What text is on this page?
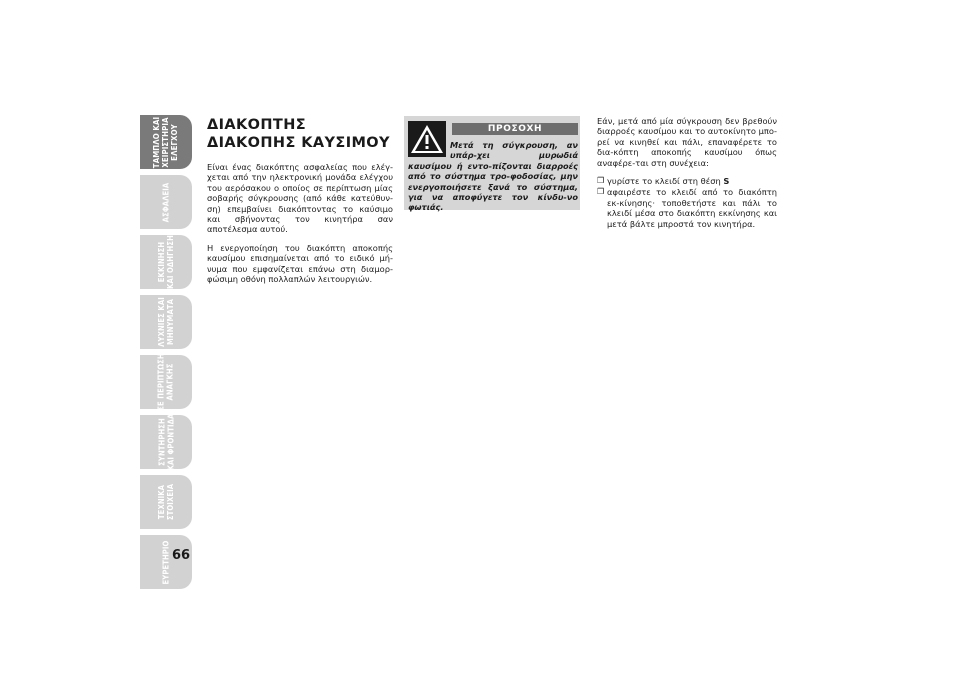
ΤΑΜΠΛΟ ΚΑΙ
ΧΕΙΡΙΣΤΗΡΙΑ
ΕΛΕΓΧΟΥ
ΑΣΦΑΛΕΙΑ
ΕΚΚΙΝΗΣΗ
ΚΑΙ ΟΔΗΓΗΣΗ
ΛΥΧΝΙΕΣ ΚΑΙ
ΜΗΝΥΜΑΤΑ
ΣΕ ΠΕΡΙΠΤΩΣΗ
ΑΝΑΓΚΗΣ
ΣΥΝΤΗΡΗΣΗ
ΚΑΙ ΦΡΟΝΤΙΔΑ
ΤΕΧΝΙΚΑ
ΣΤΟΙΧΕΙΑ
ΕΥΡΕΤΗΡΙΟ 66
ΔΙΑΚΟΠΤΗΣ ΔΙΑΚΟΠΗΣ ΚΑΥΣΙΜΟΥ

Είναι ένας διακόπτης ασφαλείας που ελέγ-χεται από την ηλεκτρονική μονάδα ελέγχου του αερόσακου ο οποίος σε περίπτωση μίας σοβαρής σύγκρουσης (από κάθε κατεύθυν-ση) επεμβαίνει διακόπτοντας το καύσιμο και σβήνοντας τον κινητήρα σαν αποτέλεσμα αυτού.

Η ενεργοποίηση του διακόπτη αποκοπής καυσίμου επισημαίνεται από το ειδικό μή-νυμα που εμφανίζεται επάνω στη διαμορ-φώσιμη οθόνη πολλαπλών λειτουργιών.

ΠΡΟΣΟΧΗ
Μετά τη σύγκρουση, αν υπάρ-χει μυρωδιά καυσίμου ή εντο-πίζονται διαρροές από το σύστημα τρο-φοδοσίας, μην ενεργοποιήσετε ξανά το σύστημα, για να αποφύγετε τον κίνδυ-νο φωτιάς.

Εάν, μετά από μία σύγκρουση δεν βρεθούν διαρροές καυσίμου και το αυτοκίνητο μπο-ρεί να κινηθεί και πάλι, επαναφέρετε το δια-κόπτη αποκοπής καυσίμου όπως αναφέρε-ται στη συνέχεια:

❒ γυρίστε το κλειδί στη θέση S
❒ αφαιρέστε το κλειδί από το διακόπτη εκ-κίνησης· τοποθετήστε και πάλι το κλειδί μέσα στο διακόπτη εκκίνησης και μετά βάλτε μπροστά τον κινητήρα.
